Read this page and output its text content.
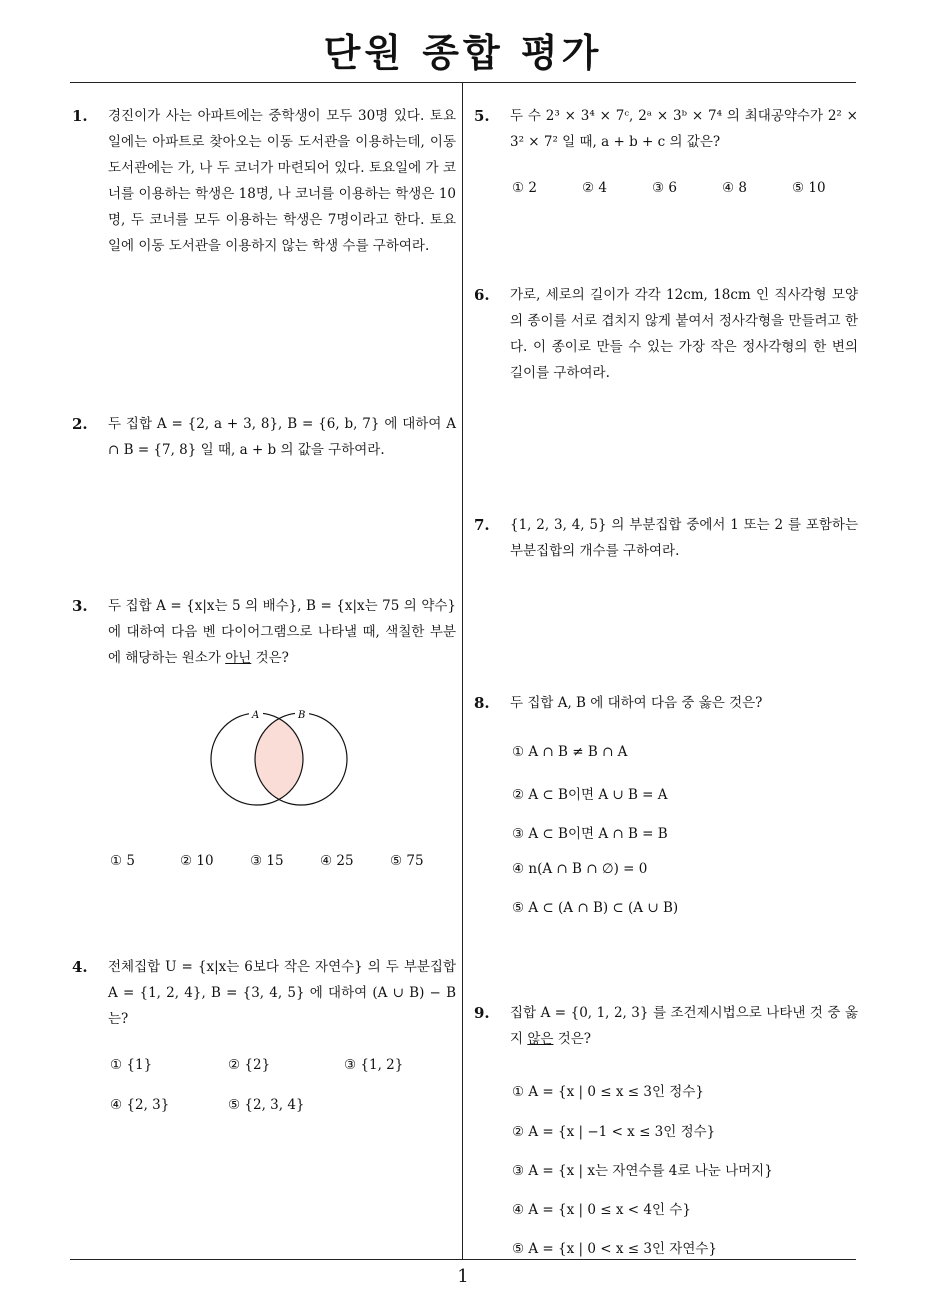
단원 종합 평가
1
1. 경진이가 사는 아파트에는 중학생이 모두 30명 있다. 토요일에는 아파트로 찾아오는 이동 도서관을 이용하는데, 이동 도서관에는 가, 나 두 코너가 마련되어 있다. 토요일에 가 코너를 이용하는 학생은 18명, 나 코너를 이용하는 학생은 10명, 두 코너를 모두 이용하는 학생은 7명이라고 한다. 토요일에 이동 도서관을 이용하지 않는 학생 수를 구하여라.
2. 두 집합 A = {2, a + 3, 8}, B = {6, b, 7} 에 대하여 A ∩ B = {7, 8} 일 때, a + b 의 값을 구하여라.
3. 두 집합 A = {x|x는 5 의 배수}, B = {x|x는 75 의 약수} 에 대하여 다음 벤 다이어그램으로 나타낼 때, 색칠한 부분에 해당하는 원소가 아닌 것은?
A	B
① 5	② 10	③ 15	④ 25	⑤ 75
4. 전체집합 U = {x|x는 6보다 작은 자연수} 의 두 부분집합 A = {1, 2, 4}, B = {3, 4, 5} 에 대하여 (A ∪ B) − B 는?
① {1}	② {2}	③ {1, 2}
④ {2, 3}	⑤ {2, 3, 4}
5. 두 수 2³ × 3⁴ × 7ᶜ, 2ᵃ × 3ᵇ × 7⁴ 의 최대공약수가 2² × 3² × 7² 일 때, a + b + c 의 값은?
① 2	② 4	③ 6	④ 8	⑤ 10
6. 가로, 세로의 길이가 각각 12cm, 18cm 인 직사각형 모양의 종이를 서로 겹치지 않게 붙여서 정사각형을 만들려고 한다. 이 종이로 만들 수 있는 가장 작은 정사각형의 한 변의 길이를 구하여라.
7. {1, 2, 3, 4, 5} 의 부분집합 중에서 1 또는 2 를 포함하는 부분집합의 개수를 구하여라.
8. 두 집합 A, B 에 대하여 다음 중 옳은 것은?
① A ∩ B ≠ B ∩ A
② A ⊂ B이면 A ∪ B = A
③ A ⊂ B이면 A ∩ B = B
④ n(A ∩ B ∩ ∅) = 0
⑤ A ⊂ (A ∩ B) ⊂ (A ∪ B)
9. 집합 A = {0, 1, 2, 3} 를 조건제시법으로 나타낸 것 중 옳지 않은 것은?
① A = {x | 0 ≤ x ≤ 3인 정수}
② A = {x | −1 < x ≤ 3인 정수}
③ A = {x | x는 자연수를 4로 나눈 나머지}
④ A = {x | 0 ≤ x < 4인 수}
⑤ A = {x | 0 < x ≤ 3인 자연수}
